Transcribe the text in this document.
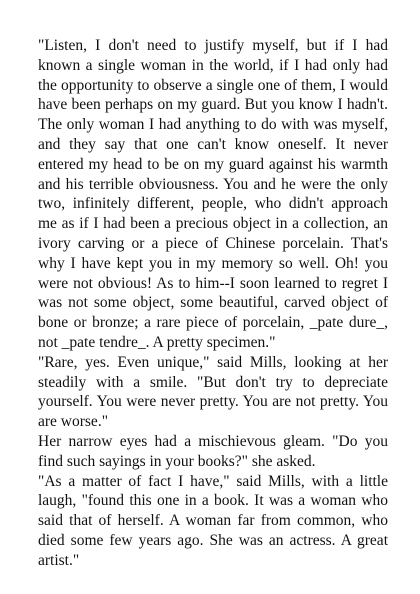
"Listen, I don't need to justify myself, but if I had known a single woman in the world, if I had only had the opportunity to observe a single one of them, I would have been perhaps on my guard. But you know I hadn't. The only woman I had anything to do with was myself, and they say that one can't know oneself. It never entered my head to be on my guard against his warmth and his terrible obviousness. You and he were the only two, infinitely different, people, who didn't approach me as if I had been a precious object in a collection, an ivory carving or a piece of Chinese porcelain. That's why I have kept you in my memory so well. Oh! you were not obvious! As to him--I soon learned to regret I was not some object, some beautiful, carved object of bone or bronze; a rare piece of porcelain, _pate dure_, not _pate tendre_. A pretty specimen."

"Rare, yes. Even unique," said Mills, looking at her steadily with a smile. "But don't try to depreciate yourself. You were never pretty. You are not pretty. You are worse."

Her narrow eyes had a mischievous gleam. "Do you find such sayings in your books?" she asked.

"As a matter of fact I have," said Mills, with a little laugh, "found this one in a book. It was a woman who said that of herself. A woman far from common, who died some few years ago. She was an actress. A great artist."
